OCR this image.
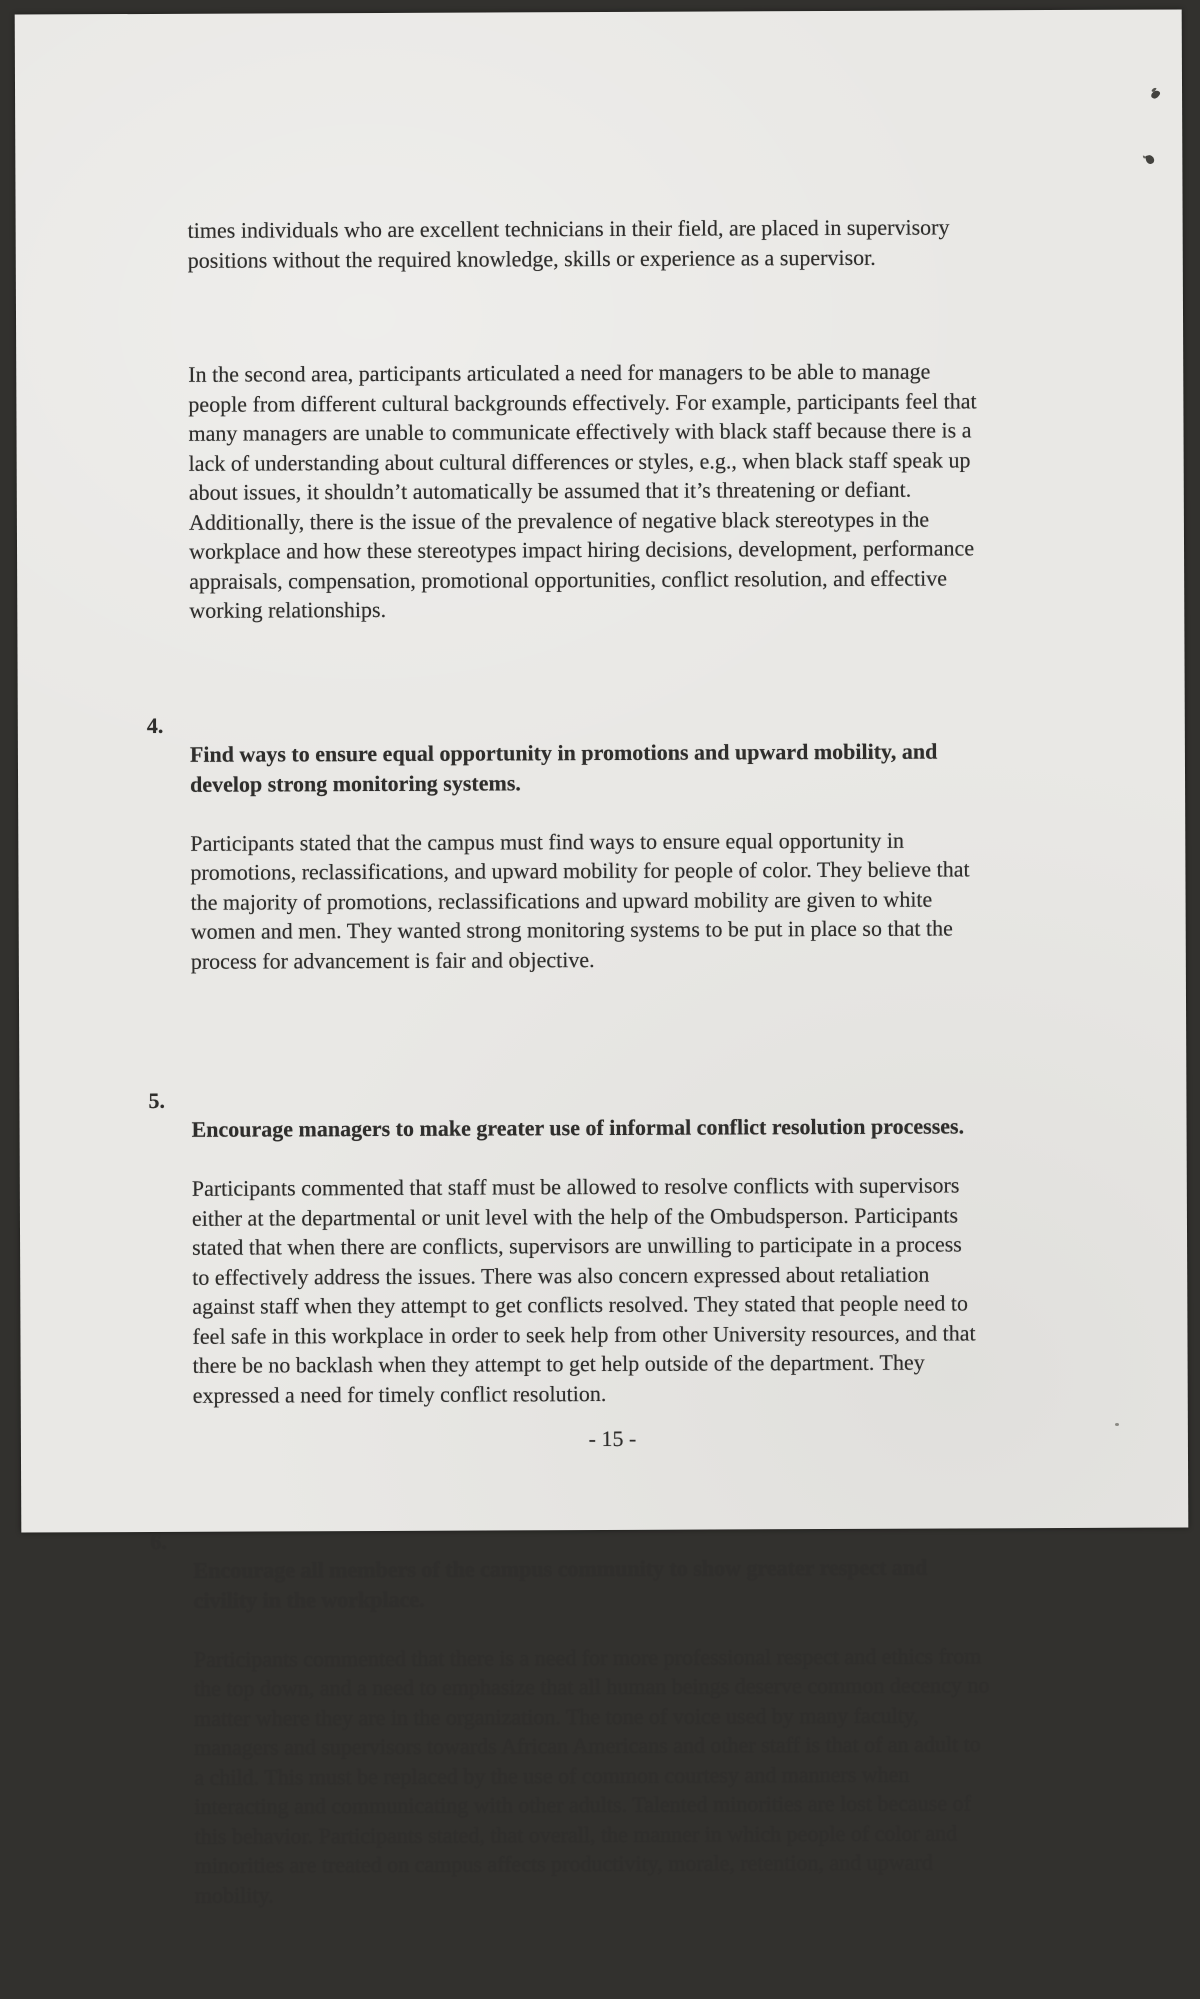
times individuals who are excellent technicians in their field, are placed in supervisory
positions without the required knowledge, skills or experience as a supervisor.

In the second area, participants articulated a need for managers to be able to manage
people from different cultural backgrounds effectively. For example, participants feel that
many managers are unable to communicate effectively with black staff because there is a
lack of understanding about cultural differences or styles, e.g., when black staff speak up
about issues, it shouldn’t automatically be assumed that it’s threatening or defiant.
Additionally, there is the issue of the prevalence of negative black stereotypes in the
workplace and how these stereotypes impact hiring decisions, development, performance
appraisals, compensation, promotional opportunities, conflict resolution, and effective
working relationships.

4.

Find ways to ensure equal opportunity in promotions and upward mobility, and
develop strong monitoring systems.

Participants stated that the campus must find ways to ensure equal opportunity in
promotions, reclassifications, and upward mobility for people of color. They believe that
the majority of promotions, reclassifications and upward mobility are given to white
women and men. They wanted strong monitoring systems to be put in place so that the
process for advancement is fair and objective.

5.

Encourage managers to make greater use of informal conflict resolution processes.

Participants commented that staff must be allowed to resolve conflicts with supervisors
either at the departmental or unit level with the help of the Ombudsperson. Participants
stated that when there are conflicts, supervisors are unwilling to participate in a process
to effectively address the issues. There was also concern expressed about retaliation
against staff when they attempt to get conflicts resolved. They stated that people need to
feel safe in this workplace in order to seek help from other University resources, and that
there be no backlash when they attempt to get help outside of the department. They
expressed a need for timely conflict resolution.

6.

Encourage all members of the campus community to show greater respect and
civility in the workplace.

Participants commented that there is a need for more professional respect and ethics from
the top down, and a need to emphasize that all human beings deserve common decency no
matter where they are in the organization. The tone of voice used by many faculty,
managers and supervisors towards African Americans and other staff is that of an adult to
a child. This must be replaced by the use of common courtesy and manners when
interacting and communicating with other adults. Talented minorities are lost because of
this behavior. Participants stated, that overall, the manner in which people of color and
minorities are treated on campus affects productivity, morale, retention, and upward
mobility.

- 15 -
